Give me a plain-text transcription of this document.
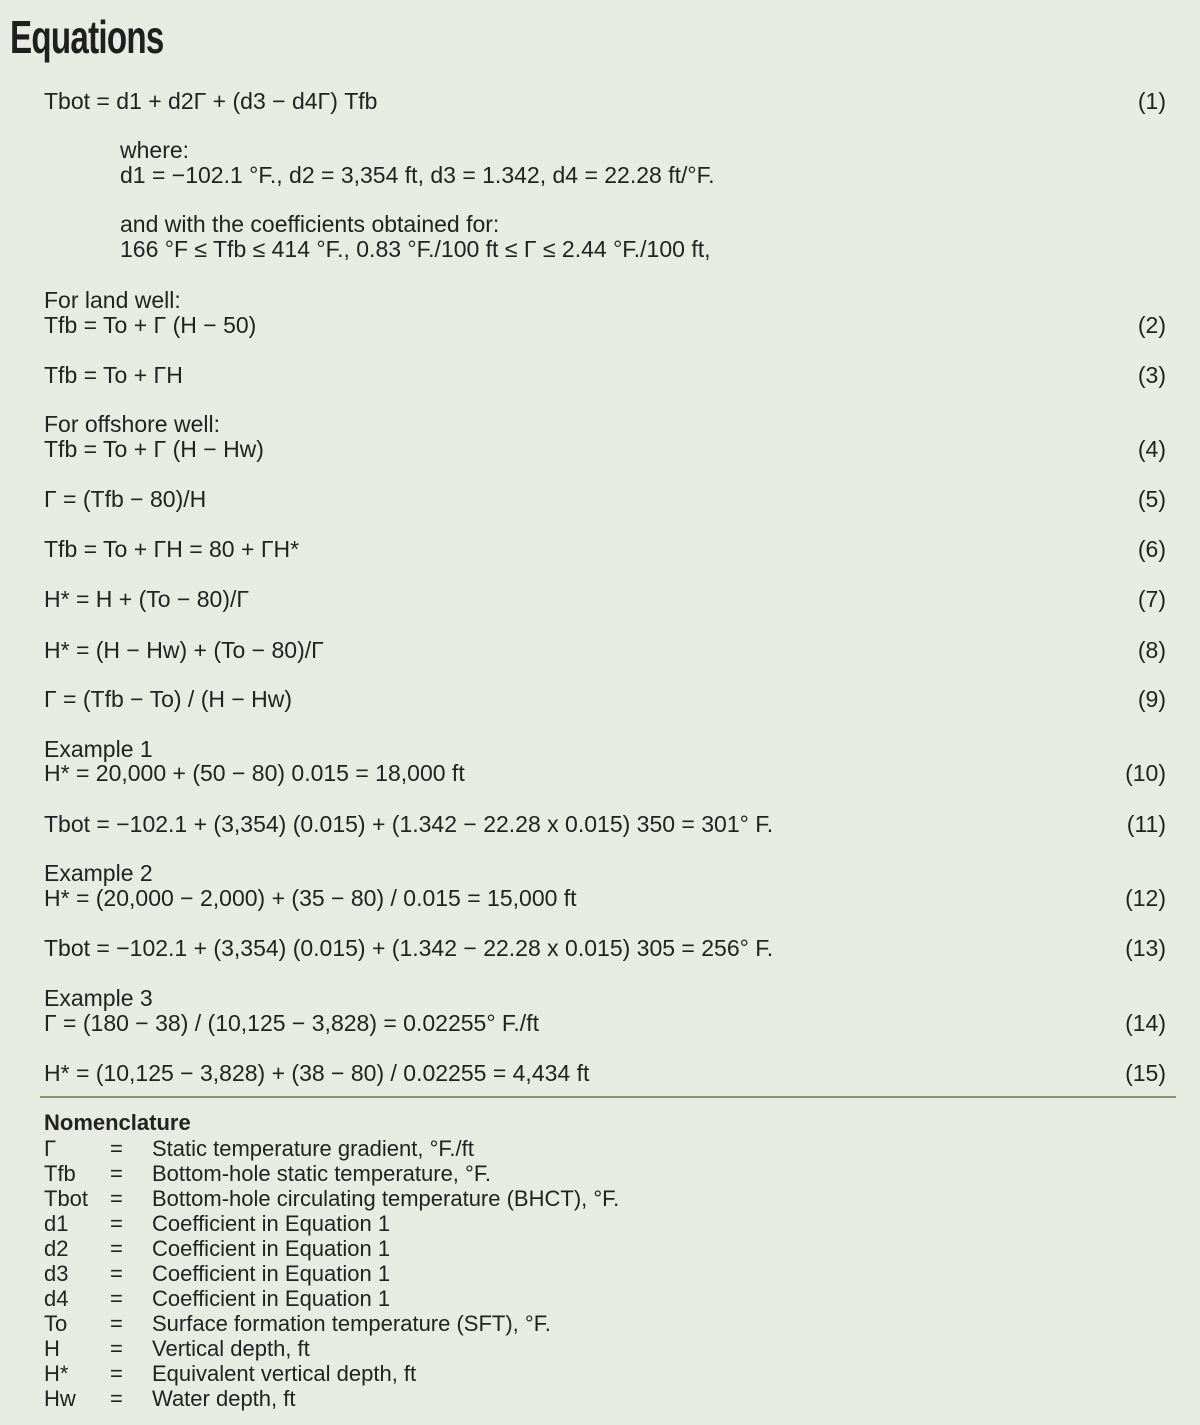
Equations
Tbot = d1 + d2Γ + (d3 − d4Γ) Tfb	(1)
where:
d1 = −102.1 °F., d2 = 3,354 ft, d3 = 1.342, d4 = 22.28 ft/°F.
and with the coefficients obtained for:
166 °F ≤ Tfb ≤ 414 °F., 0.83 °F./100 ft ≤ Γ ≤ 2.44 °F./100 ft,
For land well:
Tfb = To + Γ (H − 50)	(2)
Tfb = To + ΓH	(3)
For offshore well:
Tfb = To + Γ (H − Hw)	(4)
Γ = (Tfb − 80)/H	(5)
Tfb = To + ΓH = 80 + ΓH*	(6)
H* = H + (To − 80)/Γ	(7)
H* = (H − Hw) + (To − 80)/Γ	(8)
Γ = (Tfb − To) / (H − Hw)	(9)
Example 1
H* = 20,000 + (50 − 80) 0.015 = 18,000 ft	(10)
Tbot = −102.1 + (3,354) (0.015) + (1.342 − 22.28 x 0.015) 350 = 301° F.	(11)
Example 2
H* = (20,000 − 2,000) + (35 − 80) / 0.015 = 15,000 ft	(12)
Tbot = −102.1 + (3,354) (0.015) + (1.342 − 22.28 x 0.015) 305 = 256° F.	(13)
Example 3
Γ = (180 − 38) / (10,125 − 3,828) = 0.02255° F./ft	(14)
H* = (10,125 − 3,828) + (38 − 80) / 0.02255 = 4,434 ft	(15)
Nomenclature
Γ = Static temperature gradient, °F./ft
Tfb = Bottom-hole static temperature, °F.
Tbot = Bottom-hole circulating temperature (BHCT), °F.
d1 = Coefficient in Equation 1
d2 = Coefficient in Equation 1
d3 = Coefficient in Equation 1
d4 = Coefficient in Equation 1
To = Surface formation temperature (SFT), °F.
H = Vertical depth, ft
H* = Equivalent vertical depth, ft
Hw = Water depth, ft
